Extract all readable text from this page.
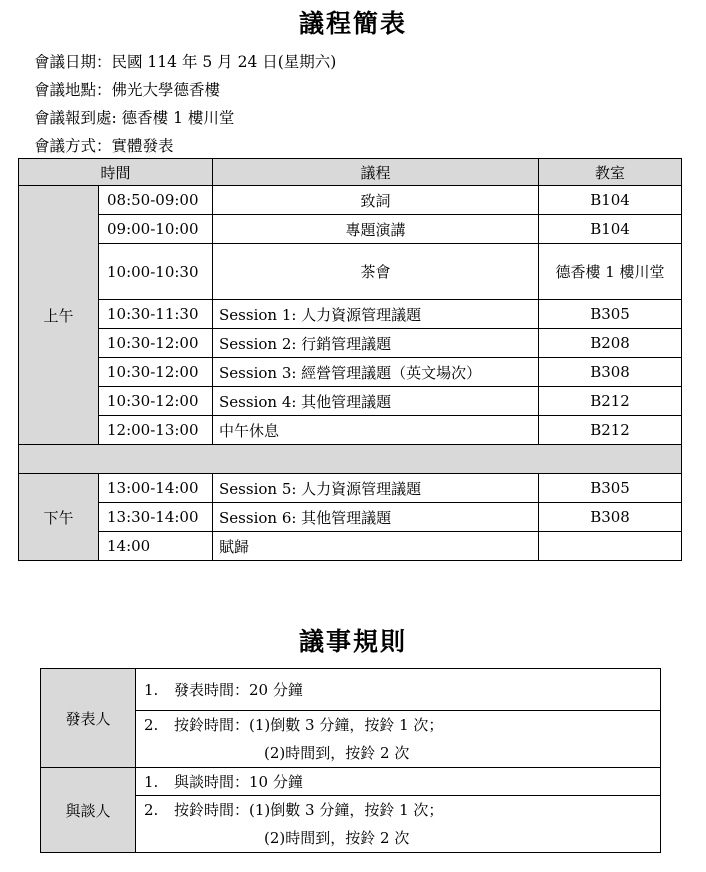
議程簡表
會議日期：民國 114 年 5 月 24 日(星期六)
會議地點：佛光大學德香樓
會議報到處: 德香樓 1 樓川堂
會議方式：實體發表
時間		議程	教室
上午	08:50-09:00	致詞	B104
	09:00-10:00	專題演講	B104
	10:00-10:30	茶會	德香樓 1 樓川堂
	10:30-11:30	Session 1: 人力資源管理議題	B305
	10:30-12:00	Session 2: 行銷管理議題	B208
	10:30-12:00	Session 3: 經營管理議題（英文場次）	B308
	10:30-12:00	Session 4: 其他管理議題	B212
	12:00-13:00	中午休息	B212

下午	13:00-14:00	Session 5: 人力資源管理議題	B305
	13:30-14:00	Session 6: 其他管理議題	B308
	14:00	賦歸	
議事規則
發表人	1. 發表時間：20 分鐘

	2. 按鈴時間：(1)倒數 3 分鐘，按鈴 1 次；
(2)時間到，按鈴 2 次

與談人	1. 與談時間：10 分鐘

	2. 按鈴時間：(1)倒數 3 分鐘，按鈴 1 次；
(2)時間到，按鈴 2 次
